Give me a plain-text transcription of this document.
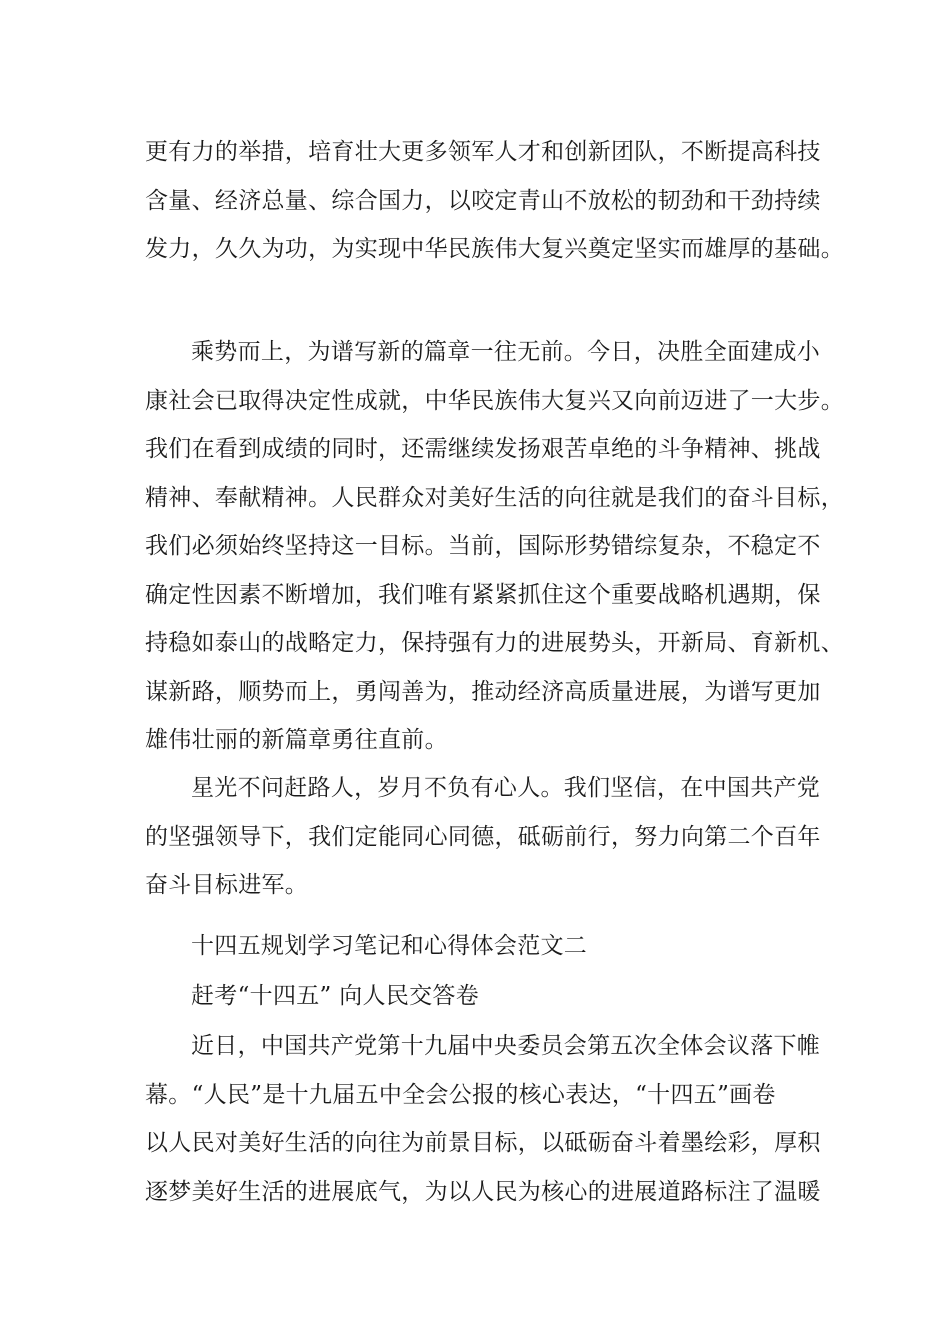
更有力的举措，培育壮大更多领军人才和创新团队，不断提高科技
含量、经济总量、综合国力，以咬定青山不放松的韧劲和干劲持续
发力，久久为功，为实现中华民族伟大复兴奠定坚实而雄厚的基础。
乘势而上，为谱写新的篇章一往无前。今日，决胜全面建成小
康社会已取得决定性成就，中华民族伟大复兴又向前迈进了一大步。
我们在看到成绩的同时，还需继续发扬艰苦卓绝的斗争精神、挑战
精神、奉献精神。人民群众对美好生活的向往就是我们的奋斗目标，
我们必须始终坚持这一目标。当前，国际形势错综复杂，不稳定不
确定性因素不断增加，我们唯有紧紧抓住这个重要战略机遇期，保
持稳如泰山的战略定力，保持强有力的进展势头，开新局、育新机、
谋新路，顺势而上，勇闯善为，推动经济高质量进展，为谱写更加
雄伟壮丽的新篇章勇往直前。
星光不问赶路人，岁月不负有心人。我们坚信，在中国共产党
的坚强领导下，我们定能同心同德，砥砺前行，努力向第二个百年
奋斗目标进军。
十四五规划学习笔记和心得体会范文二
赶考“十四五” 向人民交答卷
近日，中国共产党第十九届中央委员会第五次全体会议落下帷
幕。“人民”是十九届五中全会公报的核心表达，“十四五”画卷
以人民对美好生活的向往为前景目标，以砥砺奋斗着墨绘彩，厚积
逐梦美好生活的进展底气，为以人民为核心的进展道路标注了温暖
